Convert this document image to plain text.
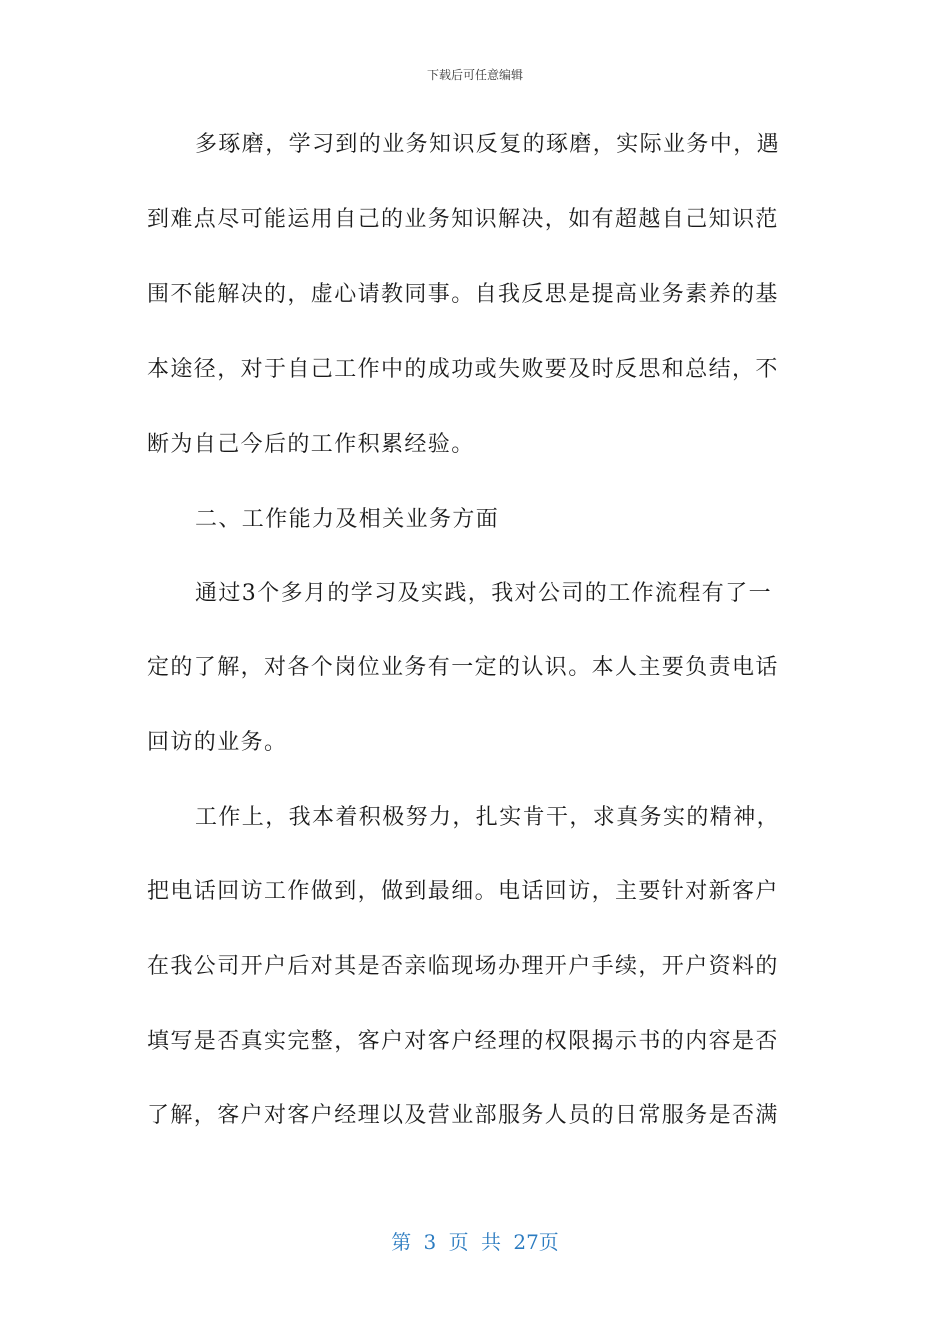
下载后可任意编辑
多琢磨，学习到的业务知识反复的琢磨，实际业务中，遇
到难点尽可能运用自己的业务知识解决，如有超越自己知识范
围不能解决的，虚心请教同事。自我反思是提高业务素养的基
本途径，对于自己工作中的成功或失败要及时反思和总结，不
断为自己今后的工作积累经验。
二、工作能力及相关业务方面
通过3个多月的学习及实践，我对公司的工作流程有了一
定的了解，对各个岗位业务有一定的认识。本人主要负责电话
回访的业务。
工作上，我本着积极努力，扎实肯干，求真务实的精神，
把电话回访工作做到，做到最细。电话回访，主要针对新客户
在我公司开户后对其是否亲临现场办理开户手续，开户资料的
填写是否真实完整，客户对客户经理的权限揭示书的内容是否
了解，客户对客户经理以及营业部服务人员的日常服务是否满
第 3 页 共 27页
